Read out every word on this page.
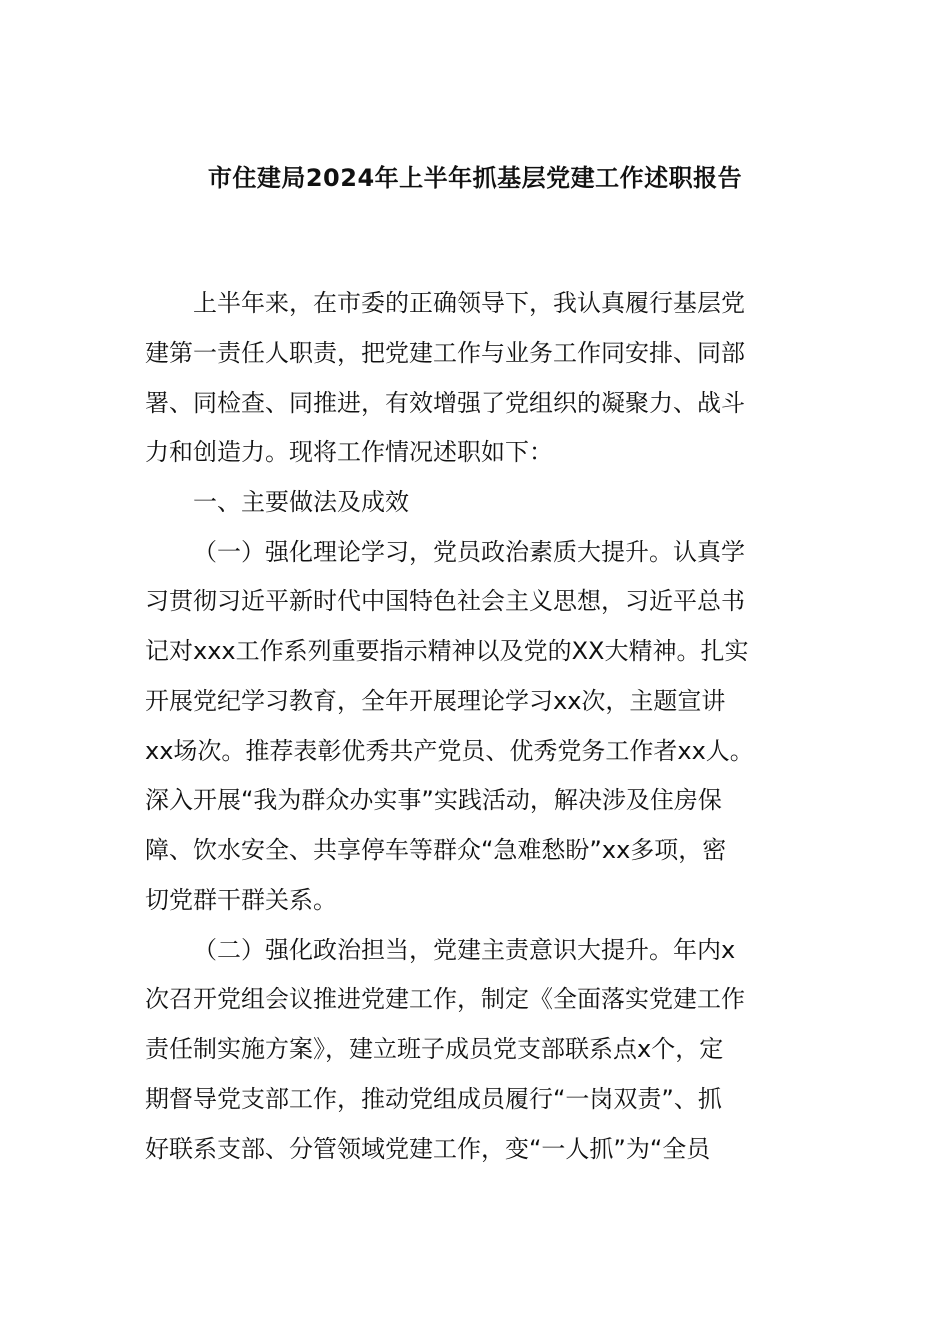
市住建局2024年上半年抓基层党建工作述职报告
上半年来，在市委的正确领导下，我认真履行基层党
建第一责任人职责，把党建工作与业务工作同安排、同部
署、同检查、同推进，有效增强了党组织的凝聚力、战斗
力和创造力。现将工作情况述职如下：
一、主要做法及成效
（一）强化理论学习，党员政治素质大提升。认真学
习贯彻习近平新时代中国特色社会主义思想，习近平总书
记对xxx工作系列重要指示精神以及党的XX大精神。扎实
开展党纪学习教育，全年开展理论学习xx次，主题宣讲
xx场次。推荐表彰优秀共产党员、优秀党务工作者xx人。
深入开展“我为群众办实事”实践活动，解决涉及住房保
障、饮水安全、共享停车等群众“急难愁盼”xx多项，密
切党群干群关系。
（二）强化政治担当，党建主责意识大提升。年内x
次召开党组会议推进党建工作，制定《全面落实党建工作
责任制实施方案》，建立班子成员党支部联系点x个，定
期督导党支部工作，推动党组成员履行“一岗双责”、抓
好联系支部、分管领域党建工作，变“一人抓”为“全员
